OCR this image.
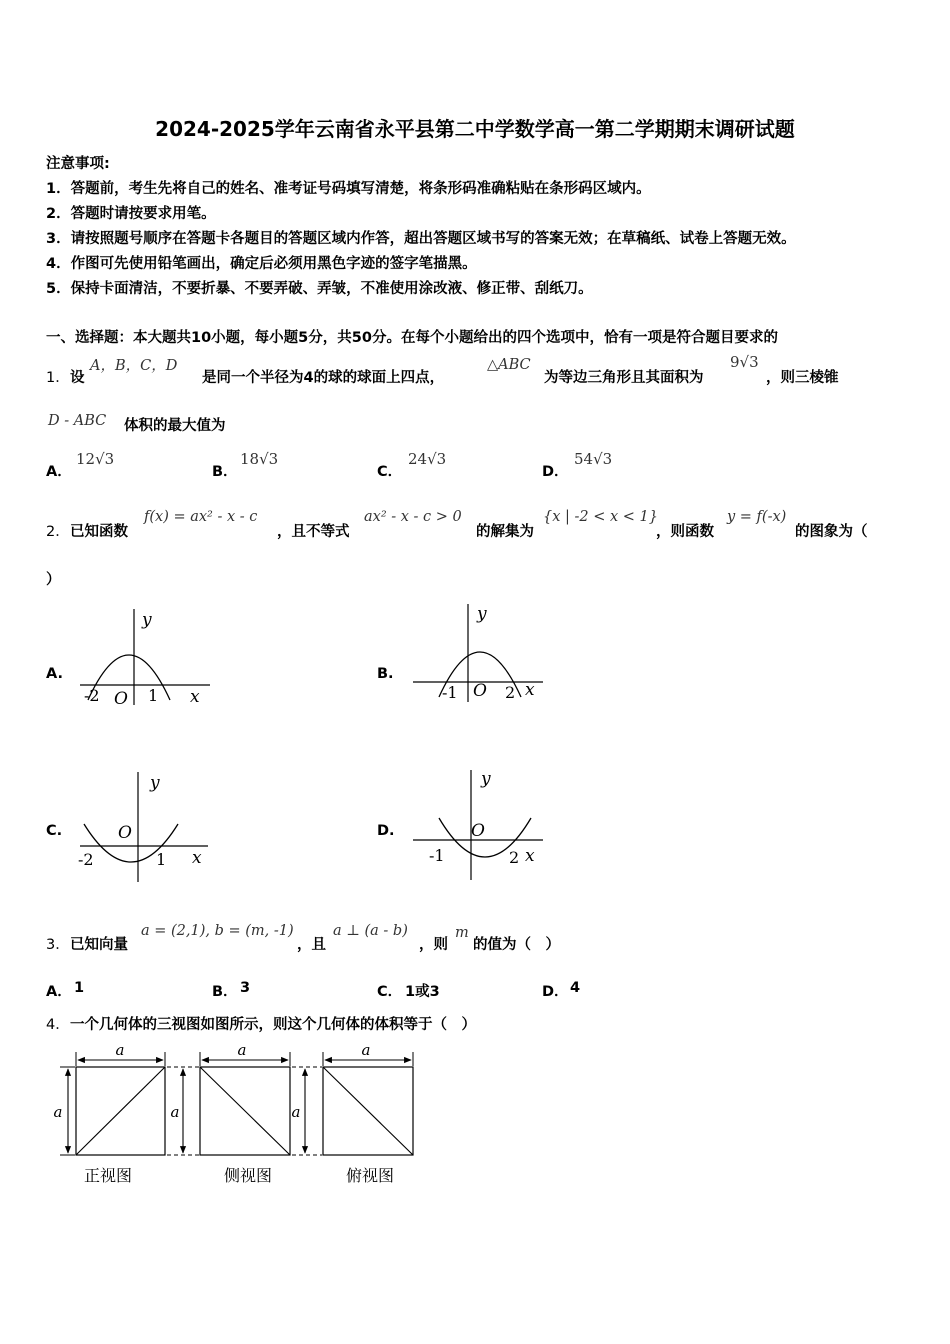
2024-2025学年云南省永平县第二中学数学高一第二学期期末调研试题
注意事项:
1．答题前，考生先将自己的姓名、准考证号码填写清楚，将条形码准确粘贴在条形码区域内。
2．答题时请按要求用笔。
3．请按照题号顺序在答题卡各题目的答题区域内作答，超出答题区域书写的答案无效；在草稿纸、试卷上答题无效。
4．作图可先使用铅笔画出，确定后必须用黑色字迹的签字笔描黑。
5．保持卡面清洁，不要折暴、不要弄破、弄皱，不准使用涂改液、修正带、刮纸刀。
一、选择题：本大题共10小题，每小题5分，共50分。在每个小题给出的四个选项中，恰有一项是符合题目要求的
1． 设
A，B，C，D
是同一个半径为4的球的球面上四点，
△ABC
为等边三角形且其面积为
9√3
，则三棱锥
D - ABC 体积的最大值为
A．
12√3
B．
18√3
C．
24√3
D．
54√3
2． 已知函数
f(x) = ax² - x - c
，且不等式
ax² - x - c > 0
的解集为
{x | -2 < x < 1}
，则函数
y = f(-x)
的图象为（
）
A.
y
x
O
-2	1
B.
y
x
O
-1	2
C.
y
x
O
-2	1
D.
y
x
O
-1	2
3． 已知向量
a = (2,1), b = (m, -1)
，且
a ⊥ (a - b)
，则
m
的值为（　）
A． 1	B． 3	C． 1或3	D． 4
4． 一个几何体的三视图如图所示，则这个几何体的体积等于（　）
a
a
a
a
a
a
正视图	侧视图	俯视图
